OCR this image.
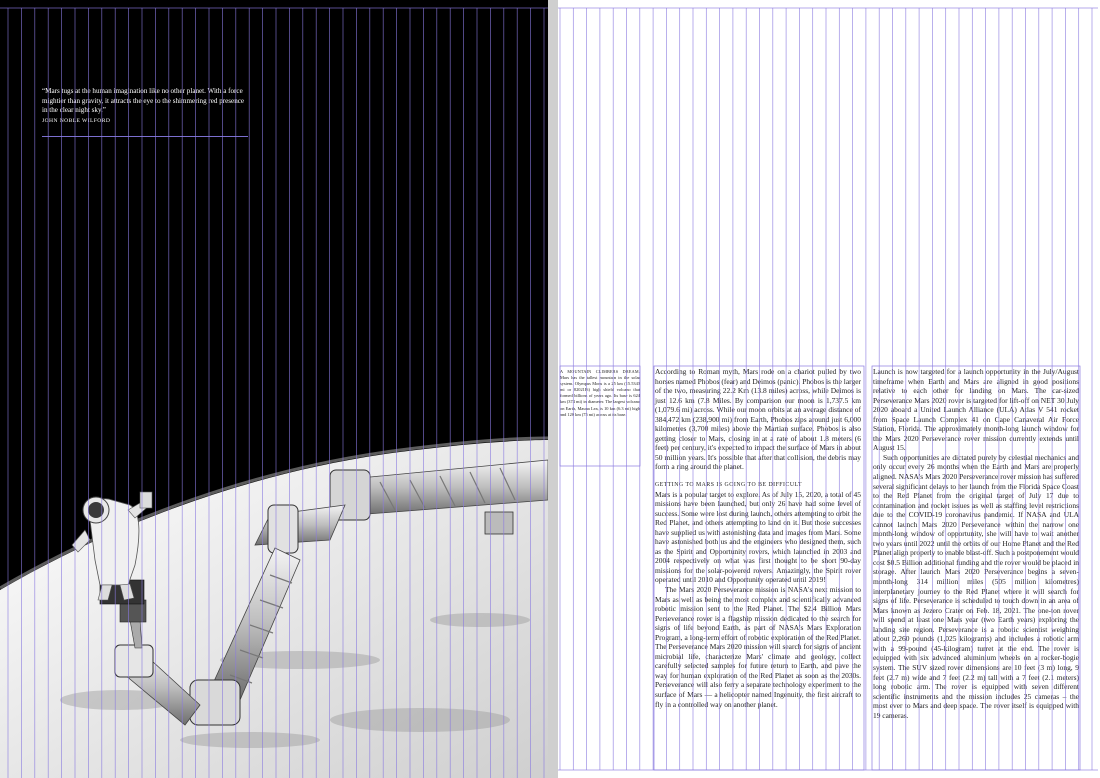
“Mars tugs at the human imagination like no other planet. With a force mightier than gravity, it attracts the eye to the shimmering red presence in the clear night sky.”

JOHN NOBLE WILFORD
A MOUNTAIN CLIMBERS DREAM. Mars has the tallest mountain in the solar system. Olympus Mons is a 25 km (15.5343 mi or 82021Ft) high shield volcano that formed billions of years ago. Its base is 624 km (374 mi) in diameter. The largest volcano on Earth, Mauna Lea, is 10 km (6.3 mi) high and 120 km (75 mi) across at its base.

According to Roman myth, Mars rode on a chariot pulled by two horses named Phobos (fear) and Deimos (panic). Phobos is the larger of the two, measuring 22.2 Km (13.8 miles) across, while Deimos is just 12.6 km (7.8 Miles. By comparison our moon is 1,737.5 km (1,079.6 mi) across. While our moon orbits at an average distance of 384,472 km (238,900 mi) from Earth, Phobos zips around just 6,000 kilometres (3,700 miles) above the Martian surface. Phobos is also getting closer to Mars, closing in at a rate of about 1.8 meters (6 feet) per century, it's expected to impact the surface of Mars in about 50 million years. It's possible that after that collision, the debris may form a ring around the planet.

GETTING TO MARS IS GOING TO BE DIFFICULT

Mars is a popular target to explore. As of July 15, 2020, a total of 45 missions have been launched, but only 26 have had some level of success. Some were lost during launch, others attempting to orbit the Red Planet, and others attempting to land on it. But those successes have supplied us with astonishing data and images from Mars. Some have astonished both us and the engineers who designed them, such as the Spirit and Opportunity rovers, which launched in 2003 and 2004 respectively on what was first thought to be short 90-day missions for the solar-powered rovers. Amazingly, the Spirit rover operated until 2010 and Opportunity operated until 2019!

The Mars 2020 Perseverance mission is NASA's next mission to Mars as well as being the most complex and scientifically advanced robotic mission sent to the Red Planet. The $2.4 Billion Mars Perseverance rover is a flagship mission dedicated to the search for signs of life beyond Earth, as part of NASA's Mars Exploration Program, a long-term effort of robotic exploration of the Red Planet. The Perseverance Mars 2020 mission will search for signs of ancient microbial life, characterize Mars' climate and geology, collect carefully selected samples for future return to Earth, and pave the way for human exploration of the Red Planet as soon as the 2030s. Perseverance will also ferry a separate technology experiment to the surface of Mars — a helicopter named Ingenuity, the first aircraft to fly in a controlled way on another planet.

Launch is now targeted for a launch opportunity in the July/August timeframe when Earth and Mars are aligned in good positions relative to each other for landing on Mars. The car-sized Perseverance Mars 2020 rover is targeted for lift-off on NET 30 July 2020 aboard a United Launch Alliance (ULA) Atlas V 541 rocket from Space Launch Complex 41 on Cape Canaveral Air Force Station, Florida. The approximately month-long launch window for the Mars 2020 Perseverance rover mission currently extends until August 15.

Such opportunities are dictated purely by celestial mechanics and only occur every 26 months when the Earth and Mars are properly aligned. NASA's Mars 2020 Perseverance rover mission has suffered several significant delays to her launch from the Florida Space Coast to the Red Planet from the original target of July 17 due to contamination and rocket issues as well as staffing level restrictions due to the COVID-19 coronavirus pandemic. If NASA and ULA cannot launch Mars 2020 Perseverance within the narrow one month-long window of opportunity, she will have to wait another two years until 2022 until the orbits of our Home Planet and the Red Planet align properly to enable blast-off. Such a postponement would cost $0.5 Billion additional funding and the rover would be placed in storage. After launch Mars 2020 Perseverance begins a seven-month-long 314 million miles (505 million kilometres) interplanetary journey to the Red Planet where it will search for signs of life. Perseverance is scheduled to touch down in an area of Mars known as Jezero Crater on Feb. 18, 2021. The one-ton rover will spend at least one Mars year (two Earth years) exploring the landing site region. Perseverance is a robotic scientist weighing about 2,260 pounds (1,025 kilograms) and includes a robotic arm with a 99-pound (45-kilogram) turret at the end. The rover is equipped with six advanced aluminium wheels on a rocker-bogie system. The SUV sized rover dimensions are 10 feet (3 m) long, 9 feet (2.7 m) wide and 7 feet (2.2 m) tall with a 7 feet (2.1 meters) long robotic arm. The rover is equipped with seven different scientific instruments and the mission includes 25 cameras – the most ever to Mars and deep space. The rover itself is equipped with 19 cameras.
